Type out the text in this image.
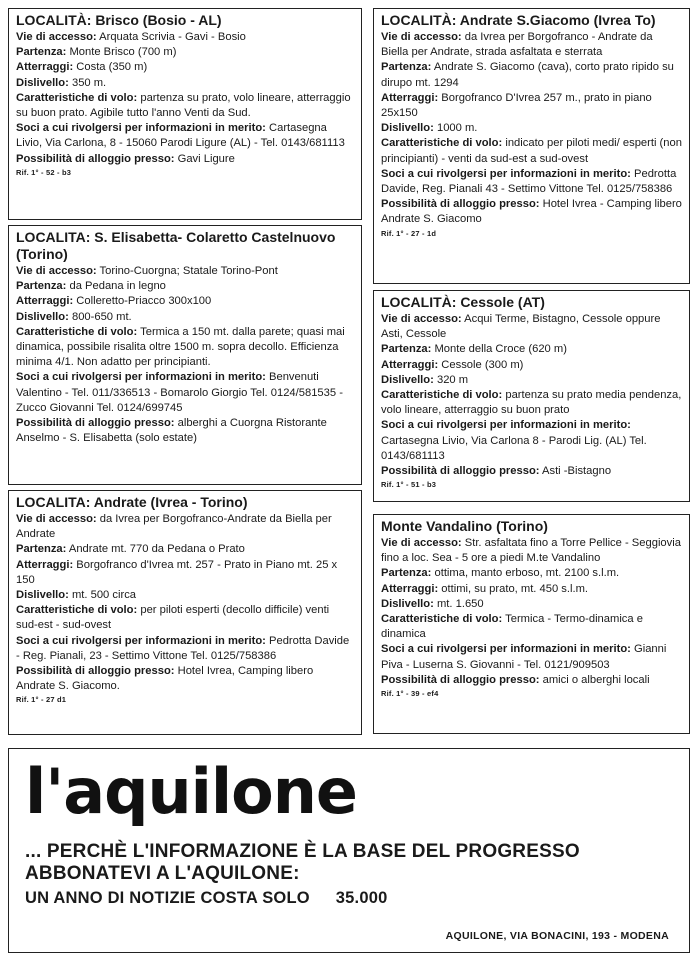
LOCALITÀ: Brisco (Bosio - AL)
Vie di accesso: Arquata Scrivia - Gavi - Bosio
Partenza: Monte Brisco (700 m)
Atterraggi: Costa (350 m)
Dislivello: 350 m.
Caratteristiche di volo: partenza su prato, volo lineare, atterraggio su buon prato. Agibile tutto l'anno Venti da Sud.
Soci a cui rivolgersi per informazioni in merito: Cartasegna Livio, Via Carlona, 8 - 15060 Parodi Ligure (AL) - Tel. 0143/681113
Possibilità di alloggio presso: Gavi Ligure
Rif. 1° - 52 - b3
LOCALITA: S. Elisabetta- Colaretto Castelnuovo (Torino)
Vie di accesso: Torino-Cuorgna; Statale Torino-Pont
Partenza: da Pedana in legno
Atterraggi: Colleretto-Priacco 300x100
Dislivello: 800-650 mt.
Caratteristiche di volo: Termica a 150 mt. dalla parete; quasi mai dinamica, possibile risalita oltre 1500 m. sopra decollo. Efficienza minima 4/1. Non adatto per principianti.
Soci a cui rivolgersi per informazioni in merito: Benvenuti Valentino - Tel. 011/336513 - Bomarolo Giorgio Tel. 0124/581535 - Zucco Giovanni Tel. 0124/699745
Possibilità di alloggio presso: alberghi a Cuorgna Ristorante Anselmo - S. Elisabetta (solo estate)
LOCALITA: Andrate (Ivrea - Torino)
Vie di accesso: da Ivrea per Borgofranco-Andrate da Biella per Andrate
Partenza: Andrate mt. 770 da Pedana o Prato
Atterraggi: Borgofranco d'Ivrea mt. 257 - Prato in Piano mt. 25 x 150
Dislivello: mt. 500 circa
Caratteristiche di volo: per piloti esperti (decollo difficile) venti sud-est - sud-ovest
Soci a cui rivolgersi per informazioni in merito: Pedrotta Davide - Reg. Pianali, 23 - Settimo Vittone Tel. 0125/758386
Possibilità di alloggio presso: Hotel Ivrea, Camping libero Andrate S. Giacomo.
Rif. 1° - 27 d1
LOCALITÀ: Andrate S.Giacomo (Ivrea To)
Vie di accesso: da Ivrea per Borgofranco - Andrate da Biella per Andrate, strada asfaltata e sterrata
Partenza: Andrate S. Giacomo (cava), corto prato ripido su dirupo mt. 1294
Atterraggi: Borgofranco D'Ivrea 257 m., prato in piano 25x150
Dislivello: 1000 m.
Caratteristiche di volo: indicato per piloti medi/ esperti (non principianti) - venti da sud-est a sud-ovest
Soci a cui rivolgersi per informazioni in merito: Pedrotta Davide, Reg. Pianali 43 - Settimo Vittone Tel. 0125/758386
Possibilità di alloggio presso: Hotel Ivrea - Camping libero Andrate S. Giacomo
Rif. 1° - 27 - 1d
LOCALITÀ: Cessole (AT)
Vie di accesso: Acqui Terme, Bistagno, Cessole oppure Asti, Cessole
Partenza: Monte della Croce (620 m)
Atterraggi: Cessole (300 m)
Dislivello: 320 m
Caratteristiche di volo: partenza su prato media pendenza, volo lineare, atterraggio su buon prato
Soci a cui rivolgersi per informazioni in merito: Cartasegna Livio, Via Carlona 8 - Parodi Lig. (AL) Tel. 0143/681113
Possibilità di alloggio presso: Asti -Bistagno
Rif. 1° - 51 - b3
Monte Vandalino (Torino)
Vie di accesso: Str. asfaltata fino a Torre Pellice - Seggiovia fino a loc. Sea - 5 ore a piedi M.te Vandalino
Partenza: ottima, manto erboso, mt. 2100 s.l.m.
Atterraggi: ottimi, su prato, mt. 450 s.l.m.
Dislivello: mt. 1.650
Caratteristiche di volo: Termica - Termo-dinamica e dinamica
Soci a cui rivolgersi per informazioni in merito: Gianni Piva - Luserna S. Giovanni - Tel. 0121/909503
Possibilità di alloggio presso: amici o alberghi locali
Rif. 1° - 39 - ef4
l'aquilone
... PERCHÈ L'INFORMAZIONE È LA BASE DEL PROGRESSO
ABBONATEVI A L'AQUILONE:
UN ANNO DI NOTIZIE COSTA SOLO 35.000
AQUILONE, VIA BONACINI, 193 - MODENA
